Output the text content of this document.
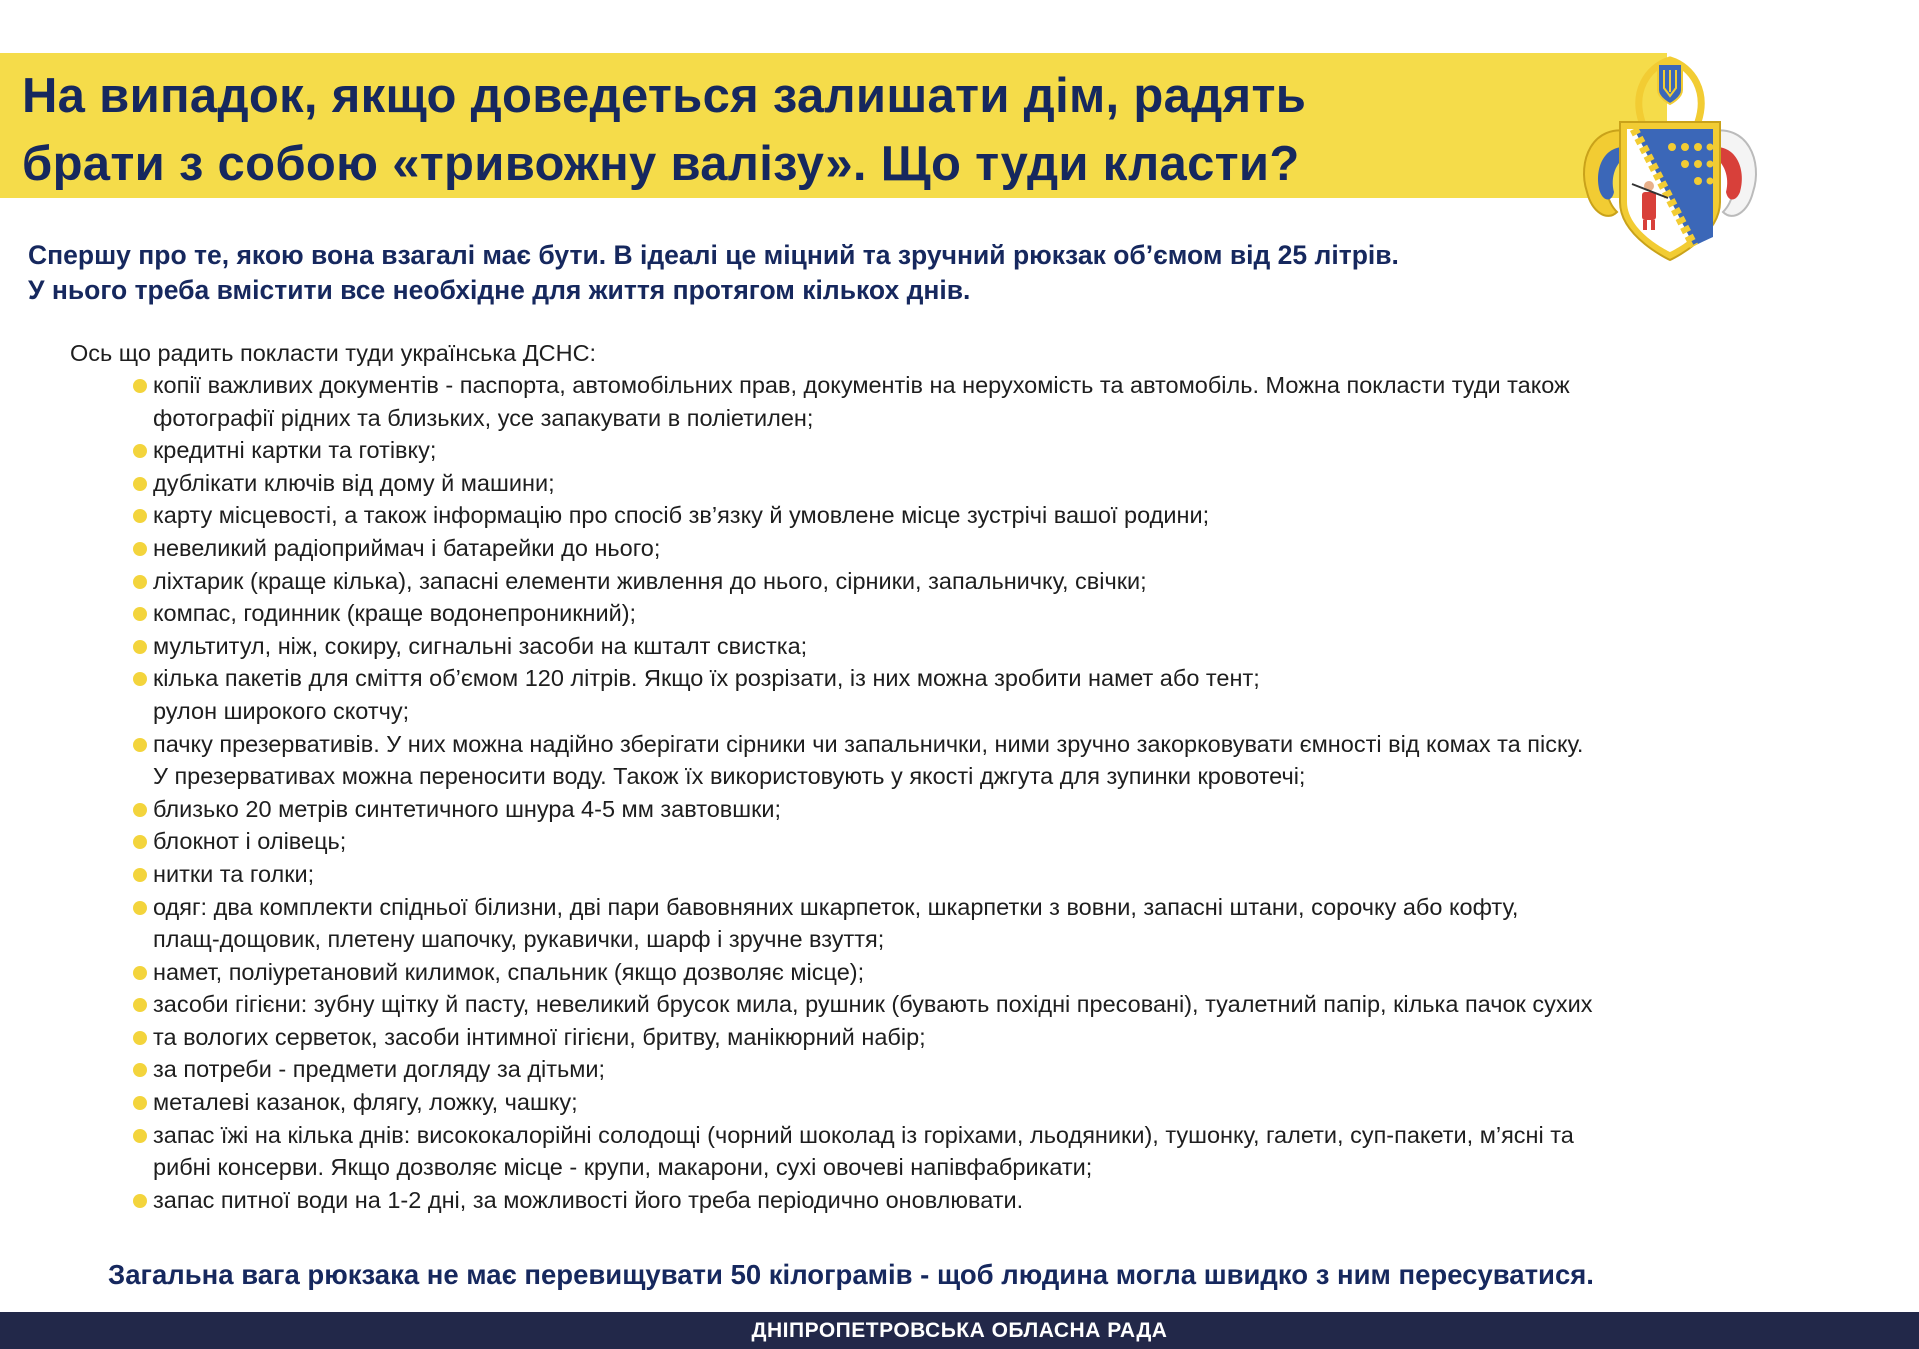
На випадок, якщо доведеться залишати дім, радять
брати з собою «тривожну валізу». Що туди класти?

Спершу про те, якою вона взагалі має бути. В ідеалі це міцний та зручний рюкзак об’ємом від 25 літрів.
У нього треба вмістити все необхідне для життя протягом кількох днів.

Ось що радить покласти туди українська ДСНС:
копії важливих документів - паспорта, автомобільних прав, документів на нерухомість та автомобіль. Можна покласти туди також
фотографії рідних та близьких, усе запакувати в поліетилен;
кредитні картки та готівку;
дублікати ключів від дому й машини;
карту місцевості, а також інформацію про спосіб зв’язку й умовлене місце зустрічі вашої родини;
невеликий радіоприймач і батарейки до нього;
ліхтарик (краще кілька), запасні елементи живлення до нього, сірники, запальничку, свічки;
компас, годинник (краще водонепроникний);
мультитул, ніж, сокиру, сигнальні засоби на кшталт свистка;
кілька пакетів для сміття об’ємом 120 літрів. Якщо їх розрізати, із них можна зробити намет або тент;
рулон широкого скотчу;
пачку презервативів. У них можна надійно зберігати сірники чи запальнички, ними зручно закорковувати ємності від комах та піску.
У презервативах можна переносити воду. Також їх використовують у якості джгута для зупинки кровотечі;
близько 20 метрів синтетичного шнура 4-5 мм завтовшки;
блокнот і олівець;
нитки та голки;
одяг: два комплекти спідньої білизни, дві пари бавовняних шкарпеток, шкарпетки з вовни, запасні штани, сорочку або кофту,
плащ-дощовик, плетену шапочку, рукавички, шарф і зручне взуття;
намет, поліуретановий килимок, спальник (якщо дозволяє місце);
засоби гігієни: зубну щітку й пасту, невеликий брусок мила, рушник (бувають похідні пресовані), туалетний папір, кілька пачок сухих
та вологих серветок, засоби інтимної гігієни, бритву, манікюрний набір;
за потреби - предмети догляду за дітьми;
металеві казанок, флягу, ложку, чашку;
запас їжі на кілька днів: висококалорійні солодощі (чорний шоколад із горіхами, льодяники), тушонку, галети, суп-пакети, м’ясні та
рибні консерви. Якщо дозволяє місце - крупи, макарони, сухі овочеві напівфабрикати;
запас питної води на 1-2 дні, за можливості його треба періодично оновлювати.

Загальна вага рюкзака не має перевищувати 50 кілограмів - щоб людина могла швидко з ним пересуватися.

ДНІПРОПЕТРОВСЬКА ОБЛАСНА РАДА
